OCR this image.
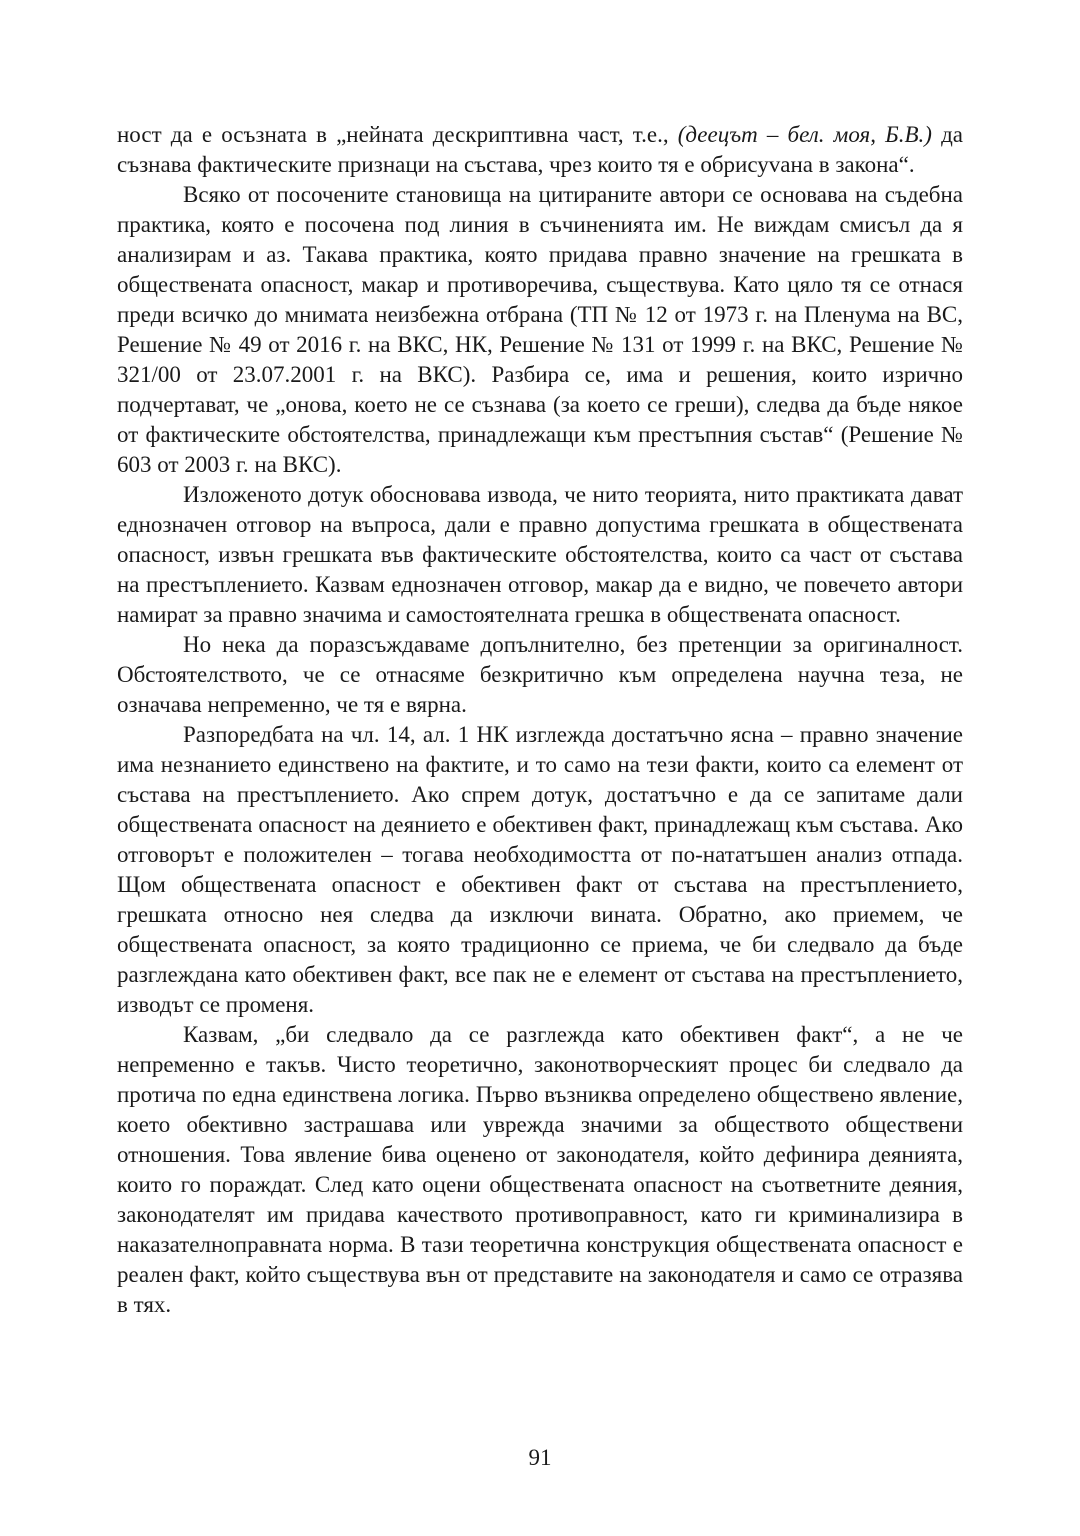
ност да е осъзната в „нейната дескриптивна част, т.е., (деецът – бел. моя, Б.В.) да съзнава фактическите признаци на състава, чрез които тя е обрисуvана в закона“.

Всяко от посочените становища на цитираните автори се основава на съдебна практика, която е посочена под линия в съчиненията им. Не виждам смисъл да я анализирам и аз. Такава практика, която придава правно значение на грешката в обществената опасност, макар и противоречива, съществува. Като цяло тя се отнася преди всичко до мнимата неизбежна отбрана (ТП № 12 от 1973 г. на Пленума на ВС, Решение № 49 от 2016 г. на ВКС, НК, Решение № 131 от 1999 г. на ВКС, Решение № 321/00 от 23.07.2001 г. на ВКС). Разбира се, има и решения, които изрично подчертават, че „онова, което не се съзнава (за което се греши), следва да бъде някое от фактическите обстоятелства, принадлежащи към престъпния състав“ (Решение № 603 от 2003 г. на ВКС).

Изложеното дотук обосновава извода, че нито теорията, нито практиката дават еднозначен отговор на въпроса, дали е правно допустима грешката в обществената опасност, извън грешката във фактическите обстоятелства, които са част от състава на престъплението. Казвам еднозначен отговор, макар да е видно, че повечето автори намират за правно значима и самостоятелната грешка в обществената опасност.

Но нека да поразсъждаваме допълнително, без претенции за оригиналност. Обстоятелството, че се отнасяме безкритично към определена научна теза, не означава непременно, че тя е вярна.

Разпоредбата на чл. 14, ал. 1 НК изглежда достатъчно ясна – правно значение има незнанието единствено на фактите, и то само на тези факти, които са елемент от състава на престъплението. Ако спрем дотук, достатъчно е да се запитаме дали обществената опасност на деянието е обективен факт, принадлежащ към състава. Ако отговорът е положителен – тогава необходимостта от по-нататъшен анализ отпада. Щом обществената опасност е обективен факт от състава на престъплението, грешката относно нея следва да изключи вината. Обратно, ако приемем, че обществената опасност, за която традиционно се приема, че би следвало да бъде разглеждана като обективен факт, все пак не е елемент от състава на престъплението, изводът се променя.

Казвам, „би следвало да се разглежда като обективен факт“, а не че непременно е такъв. Чисто теоретично, законотворческият процес би следвало да протича по една единствена логика. Първо възниква определено обществено явление, което обективно застрашава или уврежда значими за обществото обществени отношения. Това явление бива оценено от законодателя, който дефинира деянията, които го пораждат. След като оцени обществената опасност на съответните деяния, законодателят им придава качеството противоправност, като ги криминализира в наказателноправната норма. В тази теоретична конструкция обществената опасност е реален факт, който съществува вън от представите на законодателя и само се отразява в тях.

91
